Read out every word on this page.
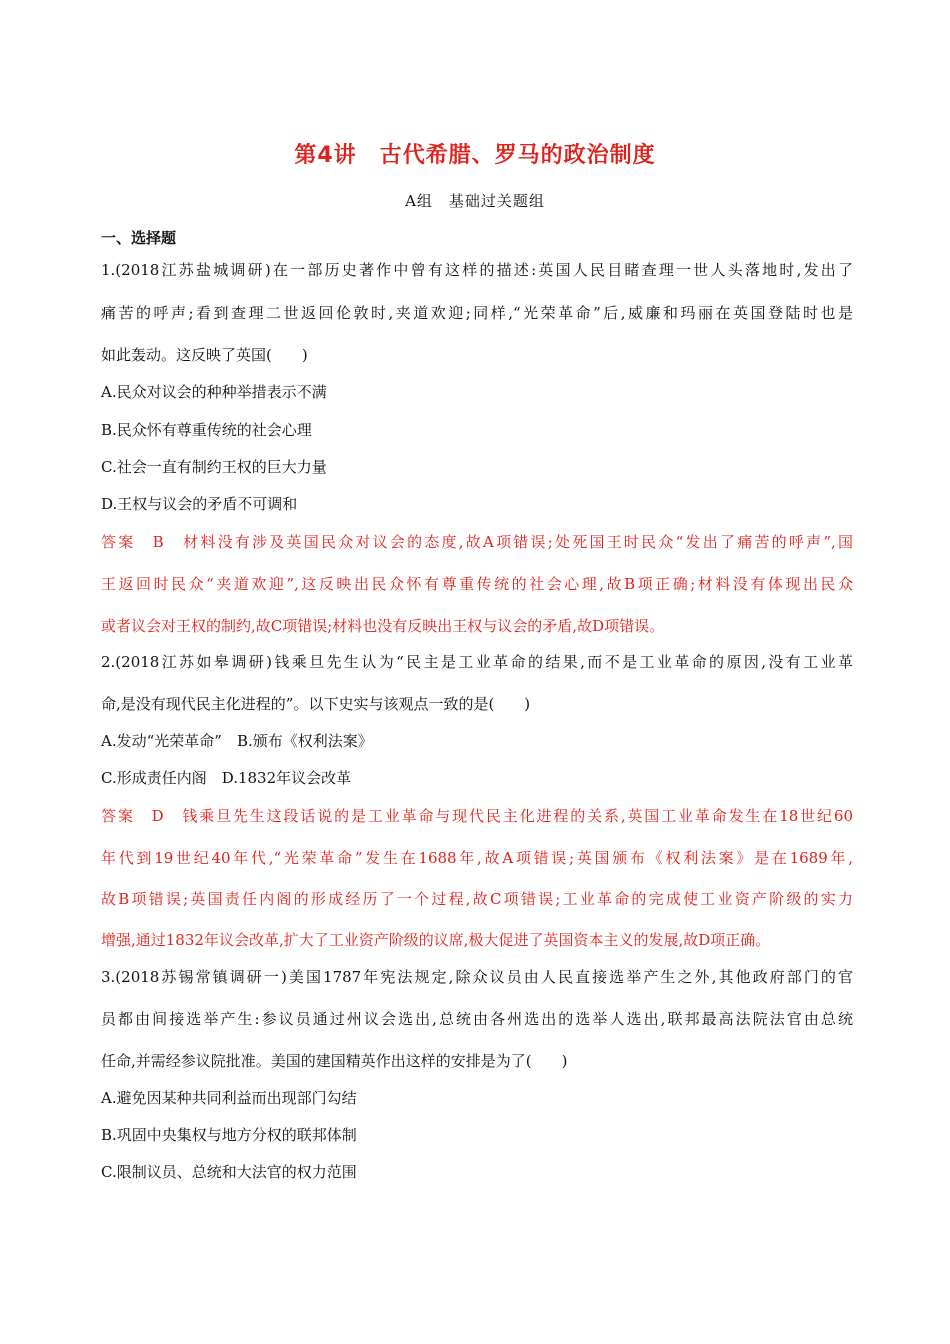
第4讲　古代希腊、罗马的政治制度
A组　基础过关题组
一、选择题
1.(2018江苏盐城调研)在一部历史著作中曾有这样的描述:英国人民目睹查理一世人头落地时,发出了
痛苦的呼声;看到查理二世返回伦敦时,夹道欢迎;同样,“光荣革命”后,威廉和玛丽在英国登陆时也是
如此轰动。这反映了英国(　　)
A.民众对议会的种种举措表示不满
B.民众怀有尊重传统的社会心理
C.社会一直有制约王权的巨大力量
D.王权与议会的矛盾不可调和
答案　B　材料没有涉及英国民众对议会的态度,故A项错误;处死国王时民众“发出了痛苦的呼声”,国
王返回时民众“夹道欢迎”,这反映出民众怀有尊重传统的社会心理,故B项正确;材料没有体现出民众
或者议会对王权的制约,故C项错误;材料也没有反映出王权与议会的矛盾,故D项错误。
2.(2018江苏如皋调研)钱乘旦先生认为“民主是工业革命的结果,而不是工业革命的原因,没有工业革
命,是没有现代民主化进程的”。以下史实与该观点一致的是(　　)
A.发动“光荣革命”　B.颁布《权利法案》
C.形成责任内阁　D.1832年议会改革
答案　D　钱乘旦先生这段话说的是工业革命与现代民主化进程的关系,英国工业革命发生在18世纪60
年代到19世纪40年代,“光荣革命”发生在1688年,故A项错误;英国颁布《权利法案》是在1689年,
故B项错误;英国责任内阁的形成经历了一个过程,故C项错误;工业革命的完成使工业资产阶级的实力
增强,通过1832年议会改革,扩大了工业资产阶级的议席,极大促进了英国资本主义的发展,故D项正确。
3.(2018苏锡常镇调研一)美国1787年宪法规定,除众议员由人民直接选举产生之外,其他政府部门的官
员都由间接选举产生:参议员通过州议会选出,总统由各州选出的选举人选出,联邦最高法院法官由总统
任命,并需经参议院批准。美国的建国精英作出这样的安排是为了(　　)
A.避免因某种共同利益而出现部门勾结
B.巩固中央集权与地方分权的联邦体制
C.限制议员、总统和大法官的权力范围
